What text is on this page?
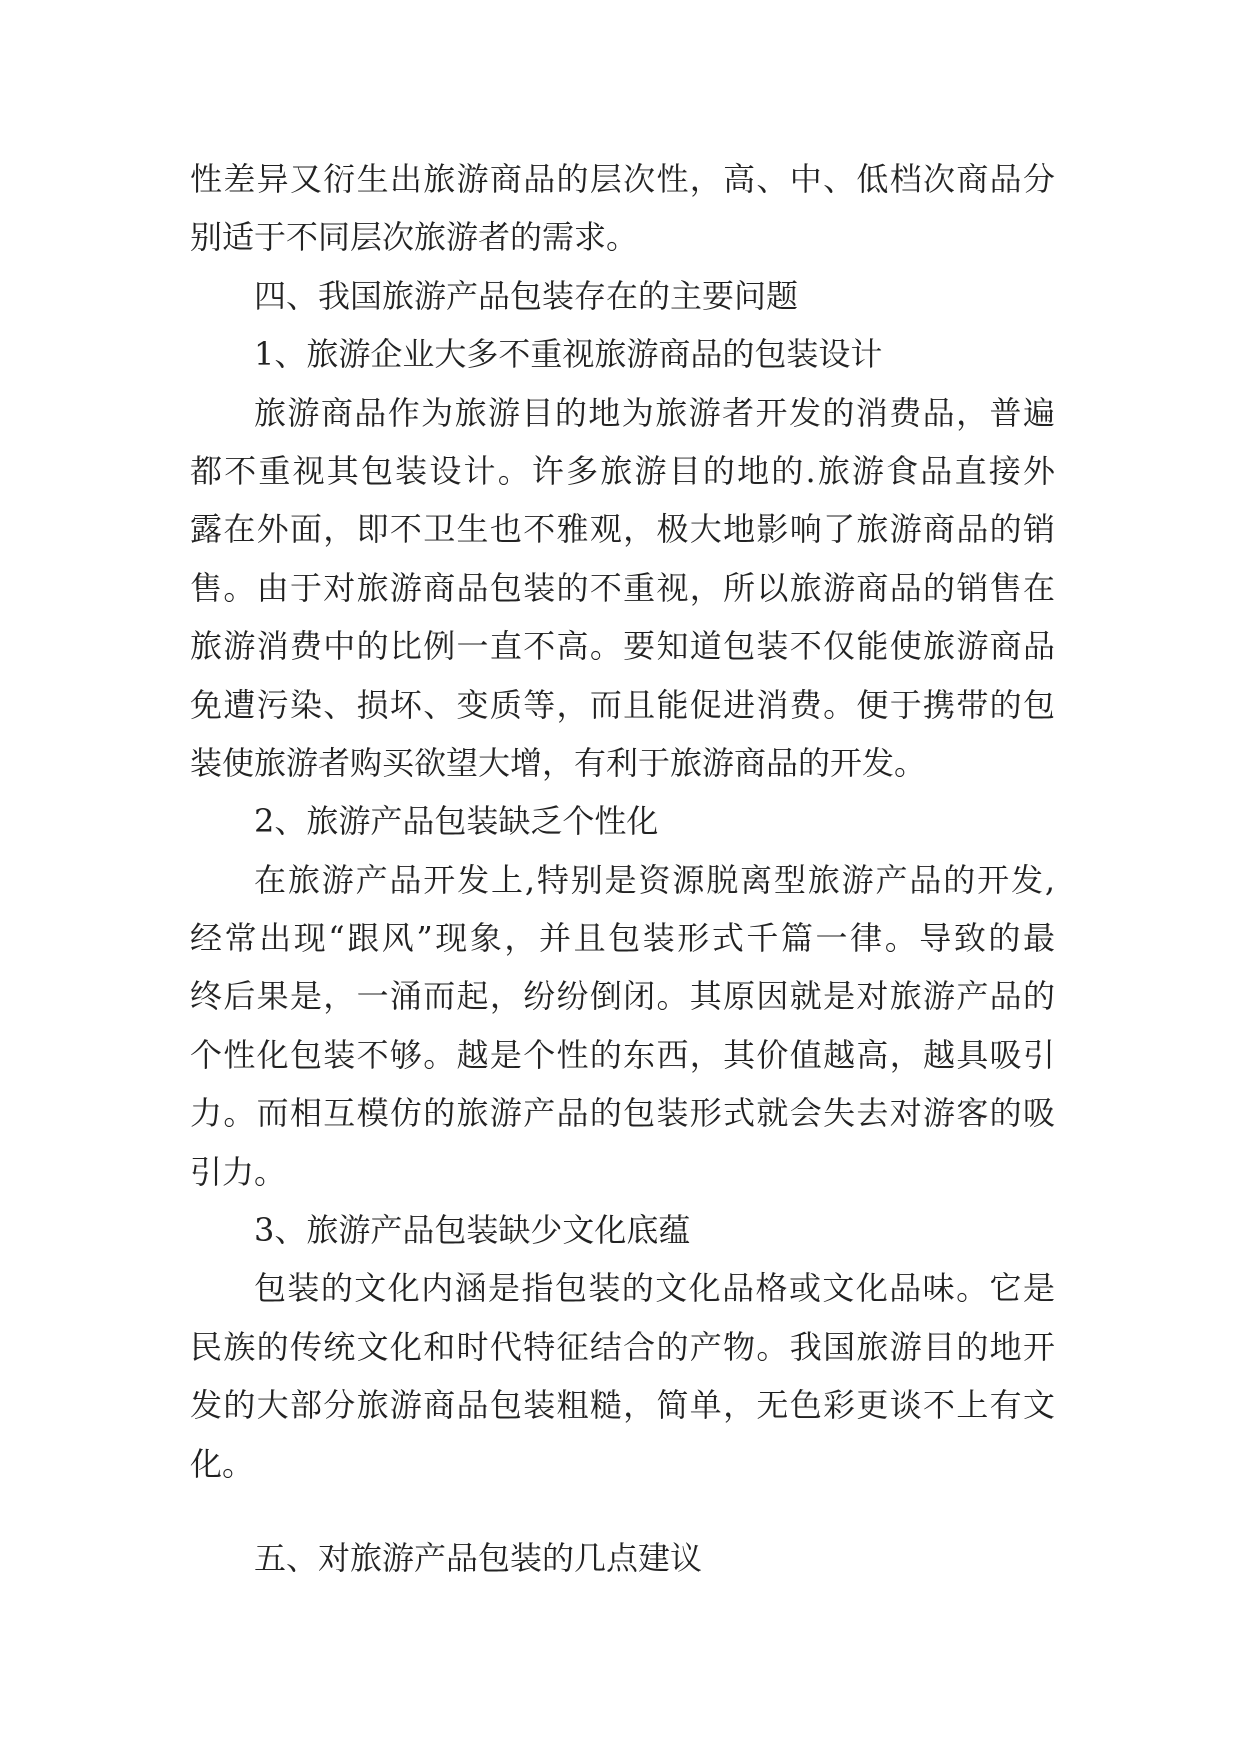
性差异又衍生出旅游商品的层次性，高、中、低档次商品分
别适于不同层次旅游者的需求。
四、我国旅游产品包装存在的主要问题
1、旅游企业大多不重视旅游商品的包装设计
旅游商品作为旅游目的地为旅游者开发的消费品，普遍
都不重视其包装设计。许多旅游目的地的.旅游食品直接外
露在外面，即不卫生也不雅观，极大地影响了旅游商品的销
售。由于对旅游商品包装的不重视，所以旅游商品的销售在
旅游消费中的比例一直不高。要知道包装不仅能使旅游商品
免遭污染、损坏、变质等，而且能促进消费。便于携带的包
装使旅游者购买欲望大增，有利于旅游商品的开发。
2、旅游产品包装缺乏个性化
在旅游产品开发上,特别是资源脱离型旅游产品的开发,
经常出现“跟风”现象，并且包装形式千篇一律。导致的最
终后果是，一涌而起，纷纷倒闭。其原因就是对旅游产品的
个性化包装不够。越是个性的东西，其价值越高，越具吸引
力。而相互模仿的旅游产品的包装形式就会失去对游客的吸
引力。
3、旅游产品包装缺少文化底蕴
包装的文化内涵是指包装的文化品格或文化品味。它是
民族的传统文化和时代特征结合的产物。我国旅游目的地开
发的大部分旅游商品包装粗糙，简单，无色彩更谈不上有文
化。
五、对旅游产品包装的几点建议
